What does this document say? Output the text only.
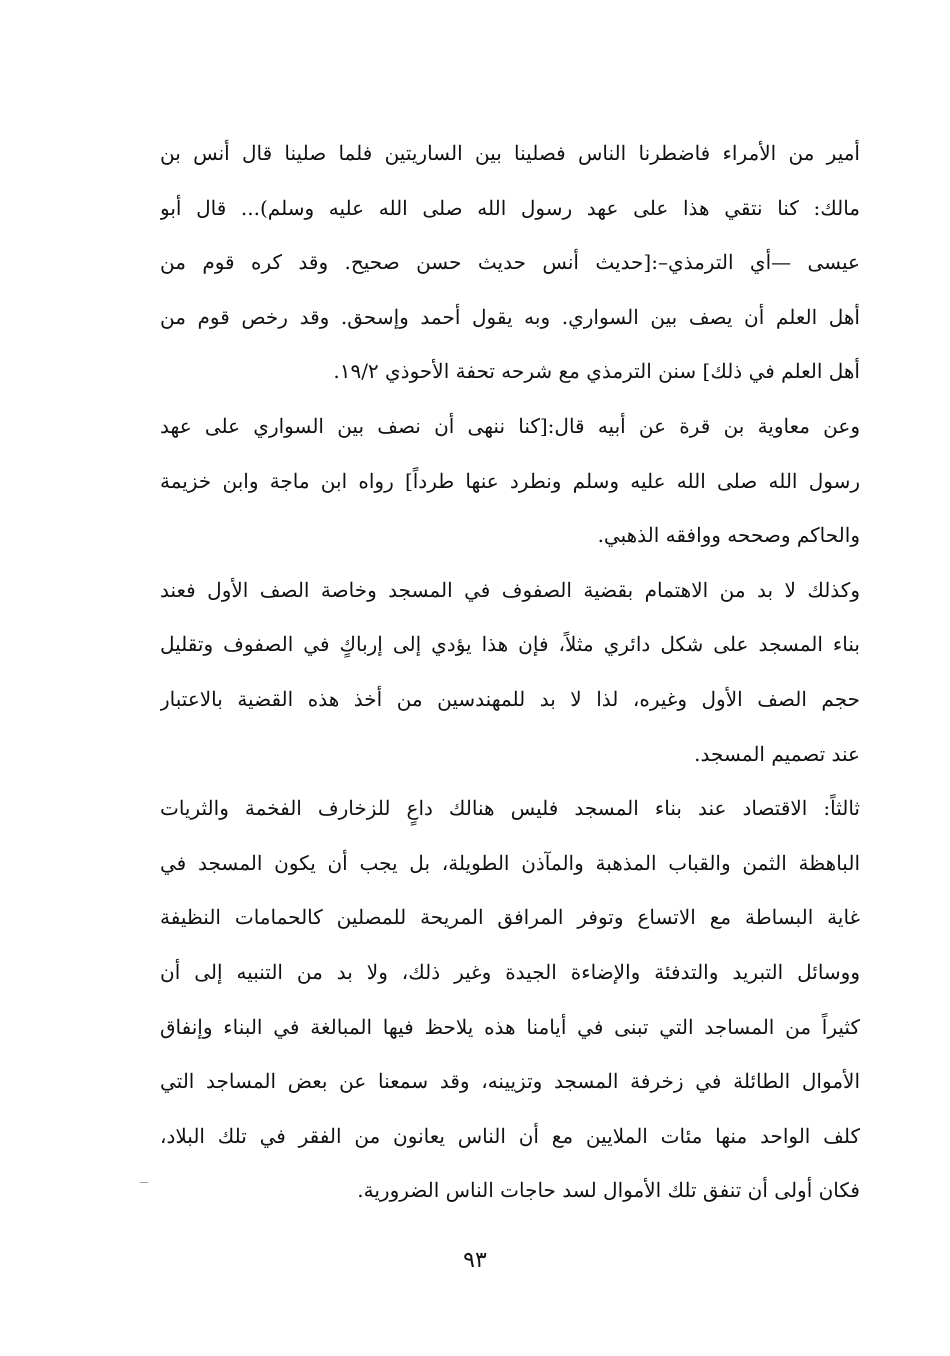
أمير من الأمراء فاضطرنا الناس فصلينا بين الساريتين فلما صلينا قال أنس بن
مالك: كنا نتقي هذا على عهد رسول الله صلى الله عليه وسلم)... قال أبو
عيسى —أي الترمذي–:[حديث أنس حديث حسن صحيح. وقد كره قوم من
أهل العلم أن يصف بين السواري. وبه يقول أحمد وإسحق. وقد رخص قوم من
أهل العلم في ذلك] سنن الترمذي مع شرحه تحفة الأحوذي ١٩/٢.
وعن معاوية بن قرة عن أبيه قال:[كنا ننهى أن نصف بين السواري على عهد
رسول الله صلى الله عليه وسلم ونطرد عنها طرداً] رواه ابن ماجة وابن خزيمة
والحاكم وصححه ووافقه الذهبي.
وكذلك لا بد من الاهتمام بقضية الصفوف في المسجد وخاصة الصف الأول فعند
بناء المسجد على شكل دائري مثلاً، فإن هذا يؤدي إلى إرباكٍ في الصفوف وتقليل
حجم الصف الأول وغيره، لذا لا بد للمهندسين من أخذ هذه القضية بالاعتبار
عند تصميم المسجد.
ثالثاً: الاقتصاد عند بناء المسجد فليس هنالك داعٍ للزخارف الفخمة والثريات
الباهظة الثمن والقباب المذهبة والمآذن الطويلة، بل يجب أن يكون المسجد في
غاية البساطة مع الاتساع وتوفر المرافق المريحة للمصلين كالحمامات النظيفة
ووسائل التبريد والتدفئة والإضاءة الجيدة وغير ذلك، ولا بد من التنبيه إلى أن
كثيراً من المساجد التي تبنى في أيامنا هذه يلاحظ فيها المبالغة في البناء وإنفاق
الأموال الطائلة في زخرفة المسجد وتزيينه، وقد سمعنا عن بعض المساجد التي
كلف الواحد منها مئات الملايين مع أن الناس يعانون من الفقر في تلك البلاد،
فكان أولى أن تنفق تلك الأموال لسد حاجات الناس الضرورية.
٩٣
